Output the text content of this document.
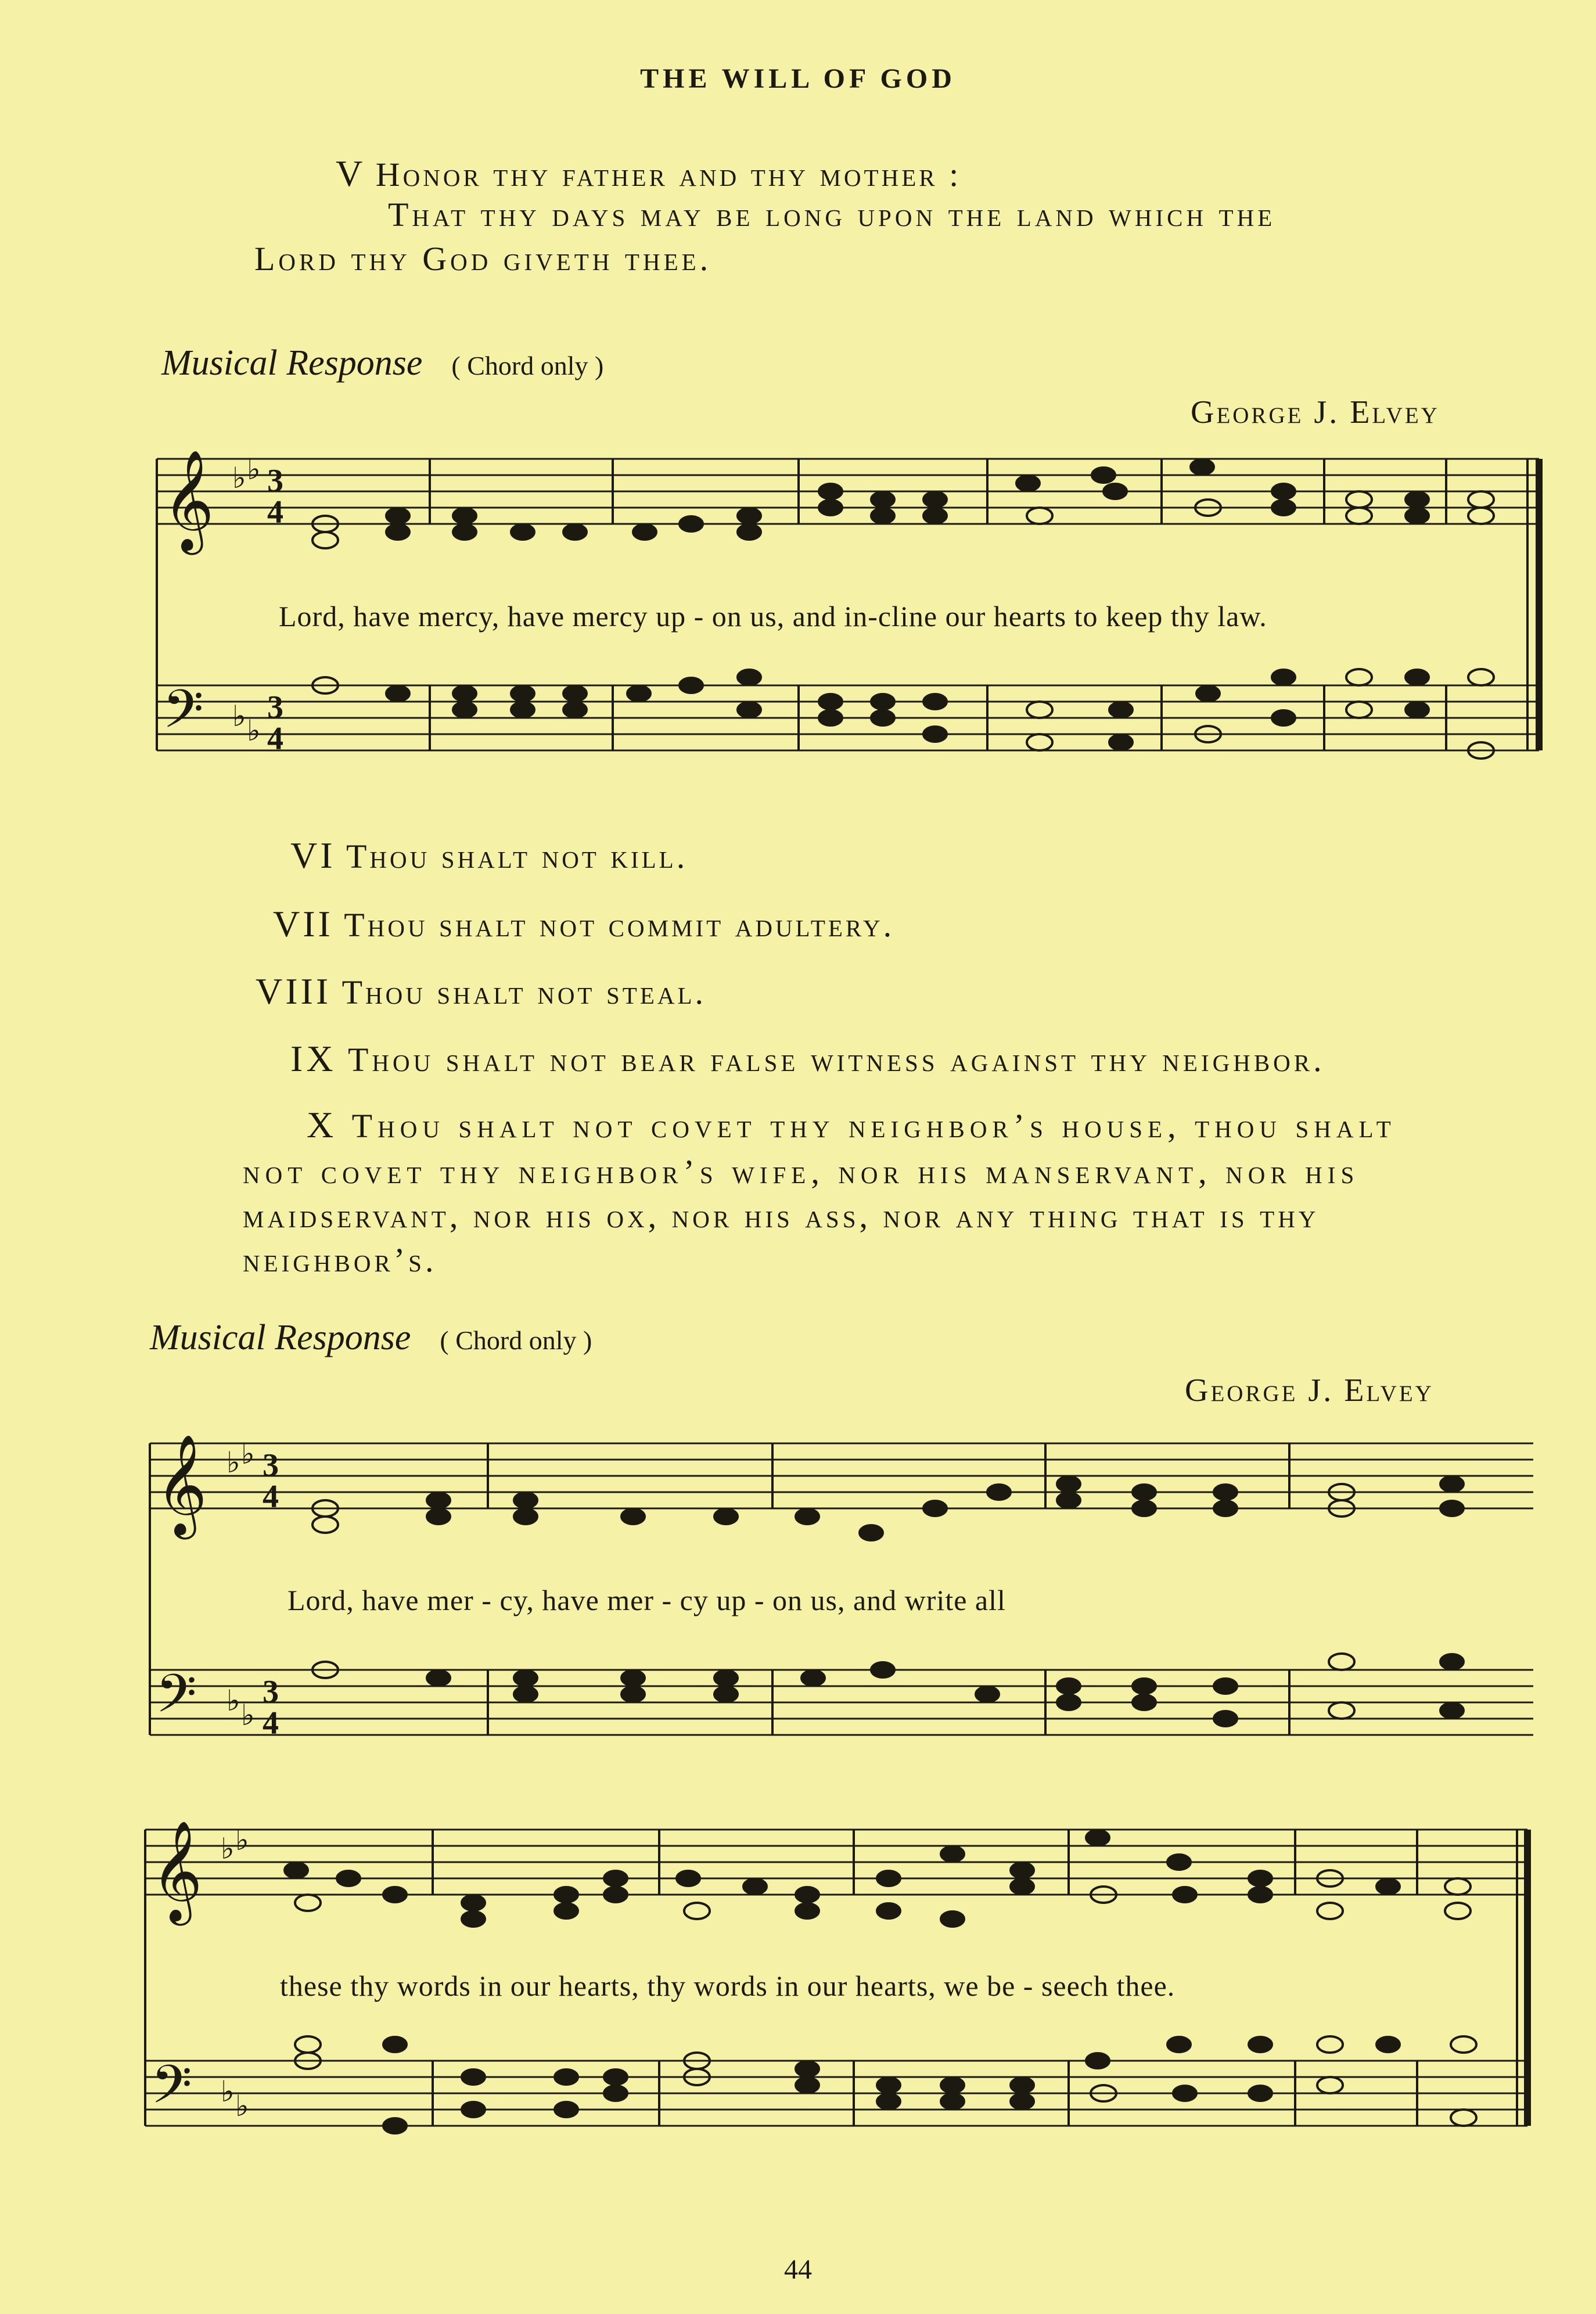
THE WILL OF GOD
V Honor thy father and thy mother :
That thy days may be long upon the land which the
Lord thy God giveth thee.
Musical Response ( Chord only )
George J. Elvey
𝄞
𝄢
♭ ♭
♭ ♭
3
4
3
4
Lord, have mercy, have mercy up - on us, and in-cline our hearts to keep thy law.
VI Thou shalt not kill.
VII Thou shalt not commit adultery.
VIII Thou shalt not steal.
IX Thou shalt not bear false witness against thy neighbor.
X Thou shalt not covet thy neighbor’s house, thou shalt
not covet thy neighbor’s wife, nor his manservant, nor his
maidservant, nor his ox, nor his ass, nor any thing that is thy
neighbor’s.
Musical Response ( Chord only )
George J. Elvey
𝄞
𝄢
♭ ♭
♭ ♭
3
4
3
4
𝄞
𝄢
♭ ♭
♭ ♭
Lord, have mer - cy, have mer - cy up - on us, and write all
these thy words in our hearts, thy words in our hearts, we be - seech thee.
44
